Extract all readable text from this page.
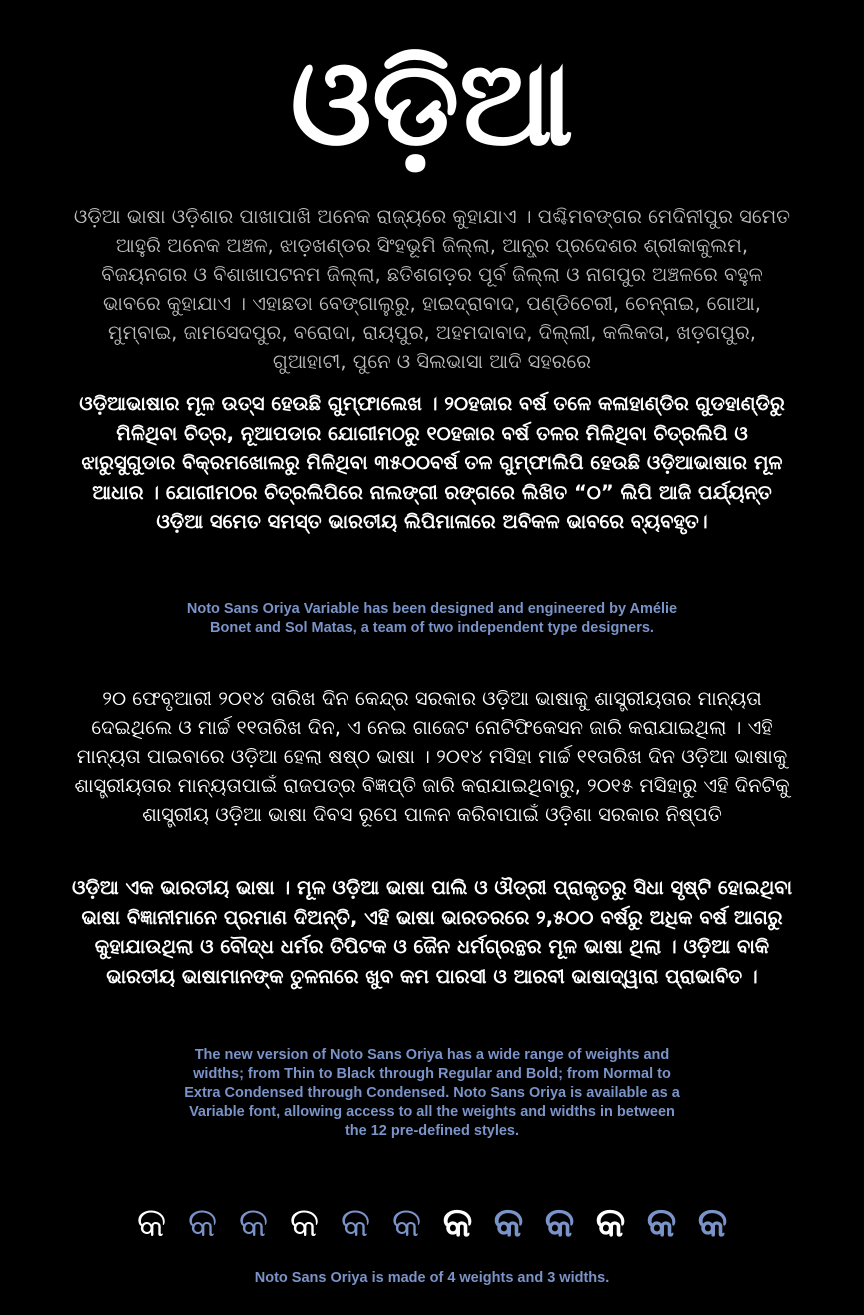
ଓଡ଼ିଆ

ଓଡ଼ିଆ ଭାଷା ଓଡ଼ିଶାର ପାଖାପାଖି ଅନେକ ରାଜ୍ୟରେ କୁହାଯାଏ । ପଶ୍ଚିମବଙ୍ଗର ମେଦିନୀପୁର ସମେତ ଆହୁରି ଅନେକ ଅଞ୍ଚଳ, ଝାଡ଼ଖଣ୍ଡର ସିଂହଭୂମି ଜିଲ୍ଲା, ଆନ୍ଧ୍ର ପ୍ରଦେଶର ଶ୍ରୀକାକୁଲମ, ବିଜୟନଗର ଓ ବିଶାଖାପଟନମ ଜିଲ୍ଲା, ଛତିଶଗଡ଼ର ପୂର୍ବ ଜିଲ୍ଲା ଓ ନାଗପୁର ଅଞ୍ଚଳରେ ବହୁଳ ଭାବରେ କୁହାଯାଏ । ଏହାଛଡା ବେଙ୍ଗାଲୁରୁ, ହାଇଦ୍ରାବାଦ, ପଣ୍ଡିଚେରୀ, ଚେନ୍ନାଇ, ଗୋଆ, ମୁମ୍ବାଇ, ଜାମସେଦପୁର, ବରୋଦା, ରାୟପୁର, ଅହମଦାବାଦ, ଦିଲ୍ଲୀ, କଲିକତା, ଖଡ଼ଗପୁର, ଗୁଆହାଟୀ, ପୁନେ ଓ ସିଲଭାସା ଆଦି ସହରରେ

ଓଡ଼ିଆଭାଷାର ମୂଳ ଉତ୍ସ ହେଉଛି ଗୁମ୍ଫାଲେଖ । ୨୦ହଜାର ବର୍ଷ ତଳେ କଳାହାଣ୍ଡିର ଗୁଡହାଣ୍ଡିରୁ ମିଳିଥିବା ଚିତ୍ର, ନୂଆପଡାର ଯୋଗୀମଠରୁ ୧୦ହଜାର ବର୍ଷ ତଳର ମିଳିଥିବା ଚିତ୍ରଲିପି ଓ ଝାରୁସୁଗୁଡାର ବିକ୍ରମଖୋଲରୁ ମିଳିଥିବା ୩୫୦୦ବର୍ଷ ତଳ ଗୁମ୍ଫାଲିପି ହେଉଛି ଓଡ଼ିଆଭାଷାର ମୂଳ ଆଧାର । ଯୋଗୀମଠର ଚିତ୍ରଲିପିରେ ନାଲଙ୍ଗୀ ରଙ୍ଗରେ ଲିଖିତ “୦” ଲିପି ଆଜି ପର୍ଯ୍ୟନ୍ତ ଓଡ଼ିଆ ସମେତ ସମସ୍ତ ଭାରତୀୟ ଲିପିମାଳାରେ ଅବିକଳ ଭାବରେ ବ୍ୟବହୃତ।

Noto Sans Oriya Variable has been designed and engineered by Amélie Bonet and Sol Matas, a team of two independent type designers.

୨୦ ଫେବୃଆରୀ ୨୦୧୪ ତାରିଖ ଦିନ କେନ୍ଦ୍ର ସରକାର ଓଡ଼ିଆ ଭାଷାକୁ ଶାସ୍ତ୍ରୀୟତାର ମାନ୍ୟତା ଦେଇଥିଲେ ଓ ମାର୍ଚ୍ଚ ୧୧ତାରିଖ ଦିନ, ଏ ନେଇ ଗାଜେଟ ନୋଟିଫିକେସନ ଜାରି କରାଯାଇଥିଲା । ଏହି ମାନ୍ୟତା ପାଇବାରେ ଓଡ଼ିଆ ହେଲା ଷଷ୍ଠ ଭାଷା । ୨୦୧୪ ମସିହା ମାର୍ଚ୍ଚ ୧୧ତାରିଖ ଦିନ ଓଡ଼ିଆ ଭାଷାକୁ ଶାସ୍ତ୍ରୀୟତାର ମାନ୍ୟତାପାଇଁ ରାଜପତ୍ର ବିଜ୍ଞପ୍ତି ଜାରି କରାଯାଇଥିବାରୁ, ୨୦୧୫ ମସିହାରୁ ଏହି ଦିନଟିକୁ ଶାସ୍ତ୍ରୀୟ ଓଡ଼ିଆ ଭାଷା ଦିବସ ରୂପେ ପାଳନ କରିବାପାଇଁ ଓଡ଼ିଶା ସରକାର ନିଷ୍ପତି

ଓଡ଼ିଆ ଏକ ଭାରତୀୟ ଭାଷା । ମୂଳ ଓଡ଼ିଆ ଭାଷା ପାଲି ଓ ଔଡ୍ରୀ ପ୍ରାକୃତରୁ ସିଧା ସୃଷ୍ଟି ହୋଇଥିବା ଭାଷା ବିଜ୍ଞାନୀମାନେ ପ୍ରମାଣ ଦିଅନ୍ତି, ଏହି ଭାଷା ଭାରତରରେ ୨,୫୦୦ ବର୍ଷରୁ ଅଧିକ ବର୍ଷ ଆଗରୁ କୁହାଯାଉଥିଲା ଓ ବୌଦ୍ଧ ଧର୍ମର ତିପିଟକ ଓ ଜୈନ ଧର୍ମଗ୍ରନ୍ଥର ମୂଳ ଭାଷା ଥିଲା । ଓଡ଼ିଆ ବାକି ଭାରତୀୟ ଭାଷାମାନଙ୍କ ତୁଳନାରେ ଖୁବ କମ ପାରସୀ ଓ ଆରବୀ ଭାଷାଦ୍ୱାରା ପ୍ରାଭାବିତ ।

The new version of Noto Sans Oriya has a wide range of weights and widths; from Thin to Black through Regular and Bold; from Normal to Extra Condensed through Condensed. Noto Sans Oriya is available as a Variable font, allowing access to all the weights and widths in between the 12 pre-defined styles.

କ କ କ କ କ କ କ କ କ କ କ କ

Noto Sans Oriya is made of 4 weights and 3 widths.
